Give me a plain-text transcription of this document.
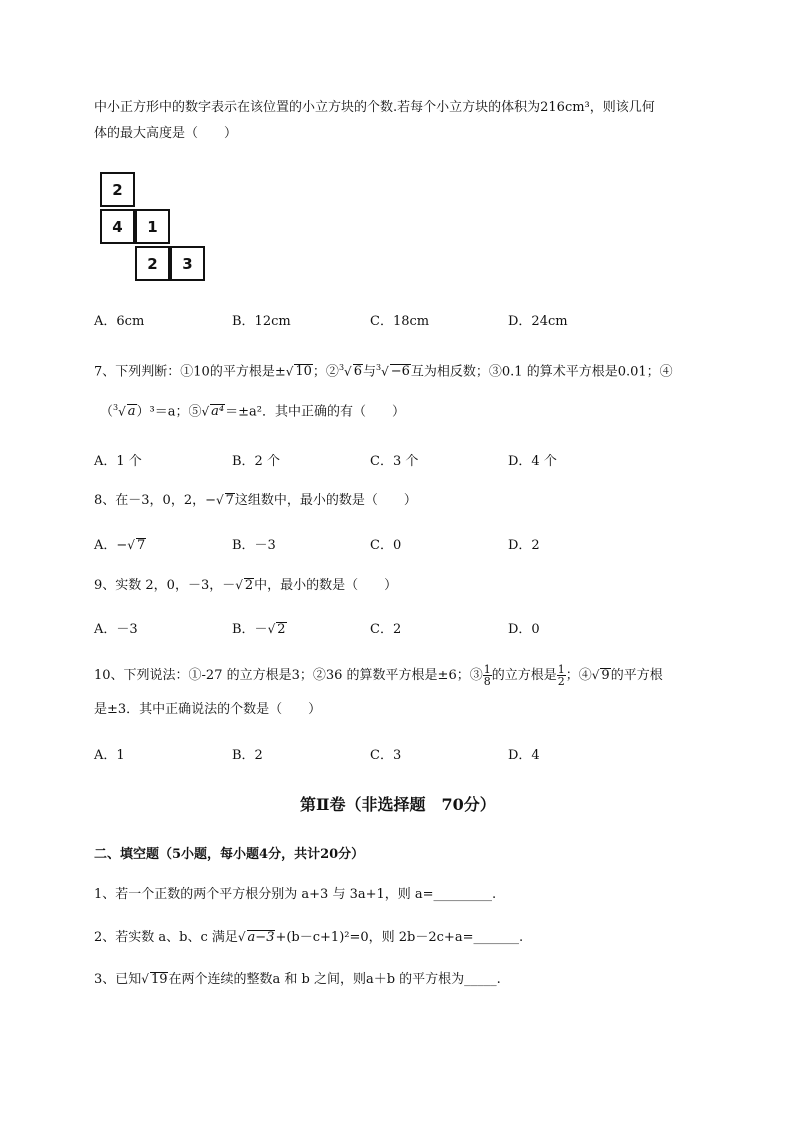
中小正方形中的数字表示在该位置的小立方块的个数.若每个小立方块的体积为216cm³，则该几何
体的最大高度是（　　）
2
4	1
2	3
A．6cm	B．12cm	C．18cm	D．24cm
7、下列判断：①10的平方根是±√ 10；②$^3$√ 6与$^3$√ −6互为相反数；③0.1 的算术平方根是0.01；④
（$^3$√ a）³＝a；⑤√ a⁴＝±a²．其中正确的有（　　）
A．1 个	B．2 个	C．3 个	D．4 个
8、在－3，0，2，−√ 7这组数中，最小的数是（　　）
A．−√ 7	B．－3	C．0	D．2
9、实数 2，0，－3，－√ 2中，最小的数是（　　）
A．－3	B．－√ 2	C．2	D．0
10、下列说法：①-27 的立方根是3；②36 的算数平方根是±6；③ $\frac{1}{8}$ 的立方根是 $\frac{1}{2}$ ；④√ 9的平方根
是±3．其中正确说法的个数是（　　）
A．1	B．2	C．3	D．4
第Ⅱ卷（非选择题　70分）
二、填空题（5小题，每小题4分，共计20分）
1、若一个正数的两个平方根分别为 a+3 与 3a+1，则 a=_________.
2、若实数 a、b、c 满足√ a−3+(b－c+1)²=0，则 2b－2c+a=_______.
3、已知√ 19在两个连续的整数a 和 b 之间，则a＋b 的平方根为_____.
